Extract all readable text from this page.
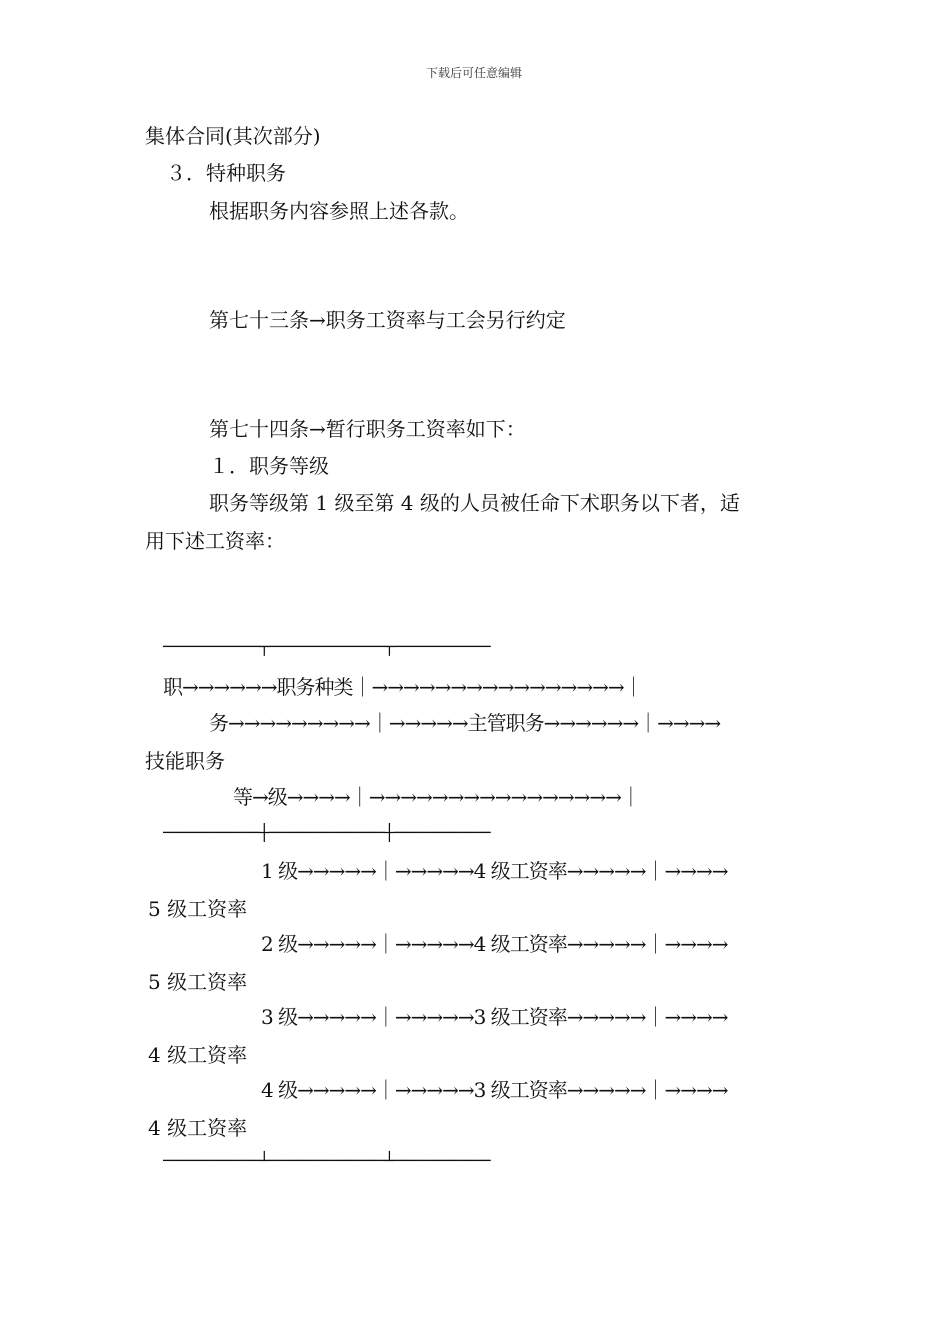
下载后可任意编辑
集体合同(其次部分)
３．特种职务
根据职务内容参照上述各款。
第七十三条→职务工资率与工会另行约定
第七十四条→暂行职务工资率如下：
１．职务等级
职务等级第 1 级至第 4 级的人员被任命下术职务以下者，适
用下述工资率：
──────────┬────────────┬──────────
职→→→→→→职务种类｜→→→→→→→→→→→→→→→→｜
务→→→→→→→→→｜→→→→→主管职务→→→→→→｜→→→→
技能职务
等→级→→→→｜→→→→→→→→→→→→→→→→｜
──────────┼────────────┼──────────
1 级→→→→→｜→→→→→4 级工资率→→→→→｜→→→→
5 级工资率
2 级→→→→→｜→→→→→4 级工资率→→→→→｜→→→→
5 级工资率
3 级→→→→→｜→→→→→3 级工资率→→→→→｜→→→→
4 级工资率
4 级→→→→→｜→→→→→3 级工资率→→→→→｜→→→→
4 级工资率
──────────┴────────────┴──────────
